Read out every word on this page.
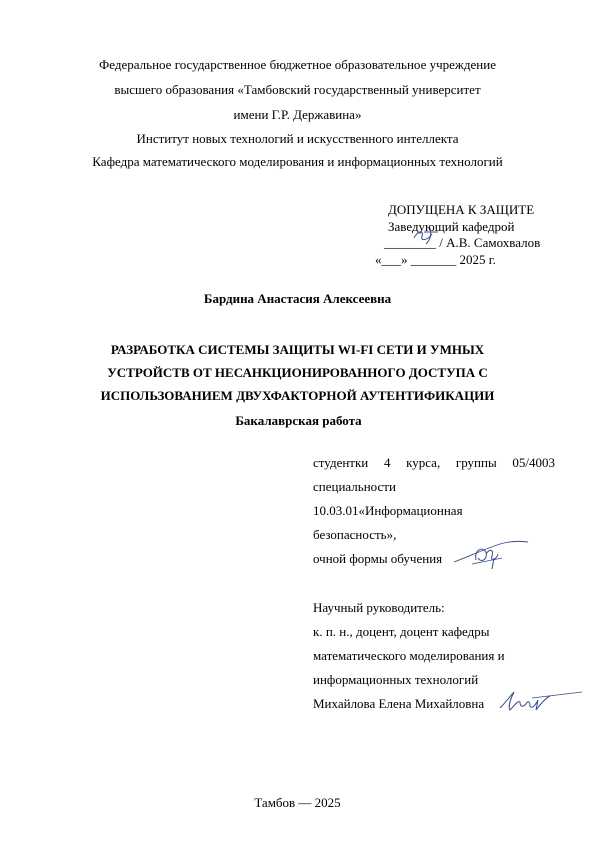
Федеральное государственное бюджетное образовательное учреждение
высшего образования «Тамбовский государственный университет
имени Г.Р. Державина»
Институт новых технологий и искусственного интеллекта
Кафедра математического моделирования и информационных технологий
ДОПУЩЕНА К ЗАЩИТЕ
Заведующий кафедрой
________ / А.В. Самохвалов
«___» _______ 2025 г.
Бардина Анастасия Алексеевна
РАЗРАБОТКА СИСТЕМЫ ЗАЩИТЫ WI-FI СЕТИ И УМНЫХ
УСТРОЙСТВ ОТ НЕСАНКЦИОНИРОВАННОГО ДОСТУПА С
ИСПОЛЬЗОВАНИЕМ ДВУХФАКТОРНОЙ АУТЕНТИФИКАЦИИ
Бакалаврская работа
студентки 4 курса, группы 05/4003
специальности
10.03.01«Информационная
безопасность»,
очной формы обучения
Научный руководитель:
к. п. н., доцент, доцент кафедры
математического моделирования и
информационных технологий
Михайлова Елена Михайловна
Тамбов — 2025
